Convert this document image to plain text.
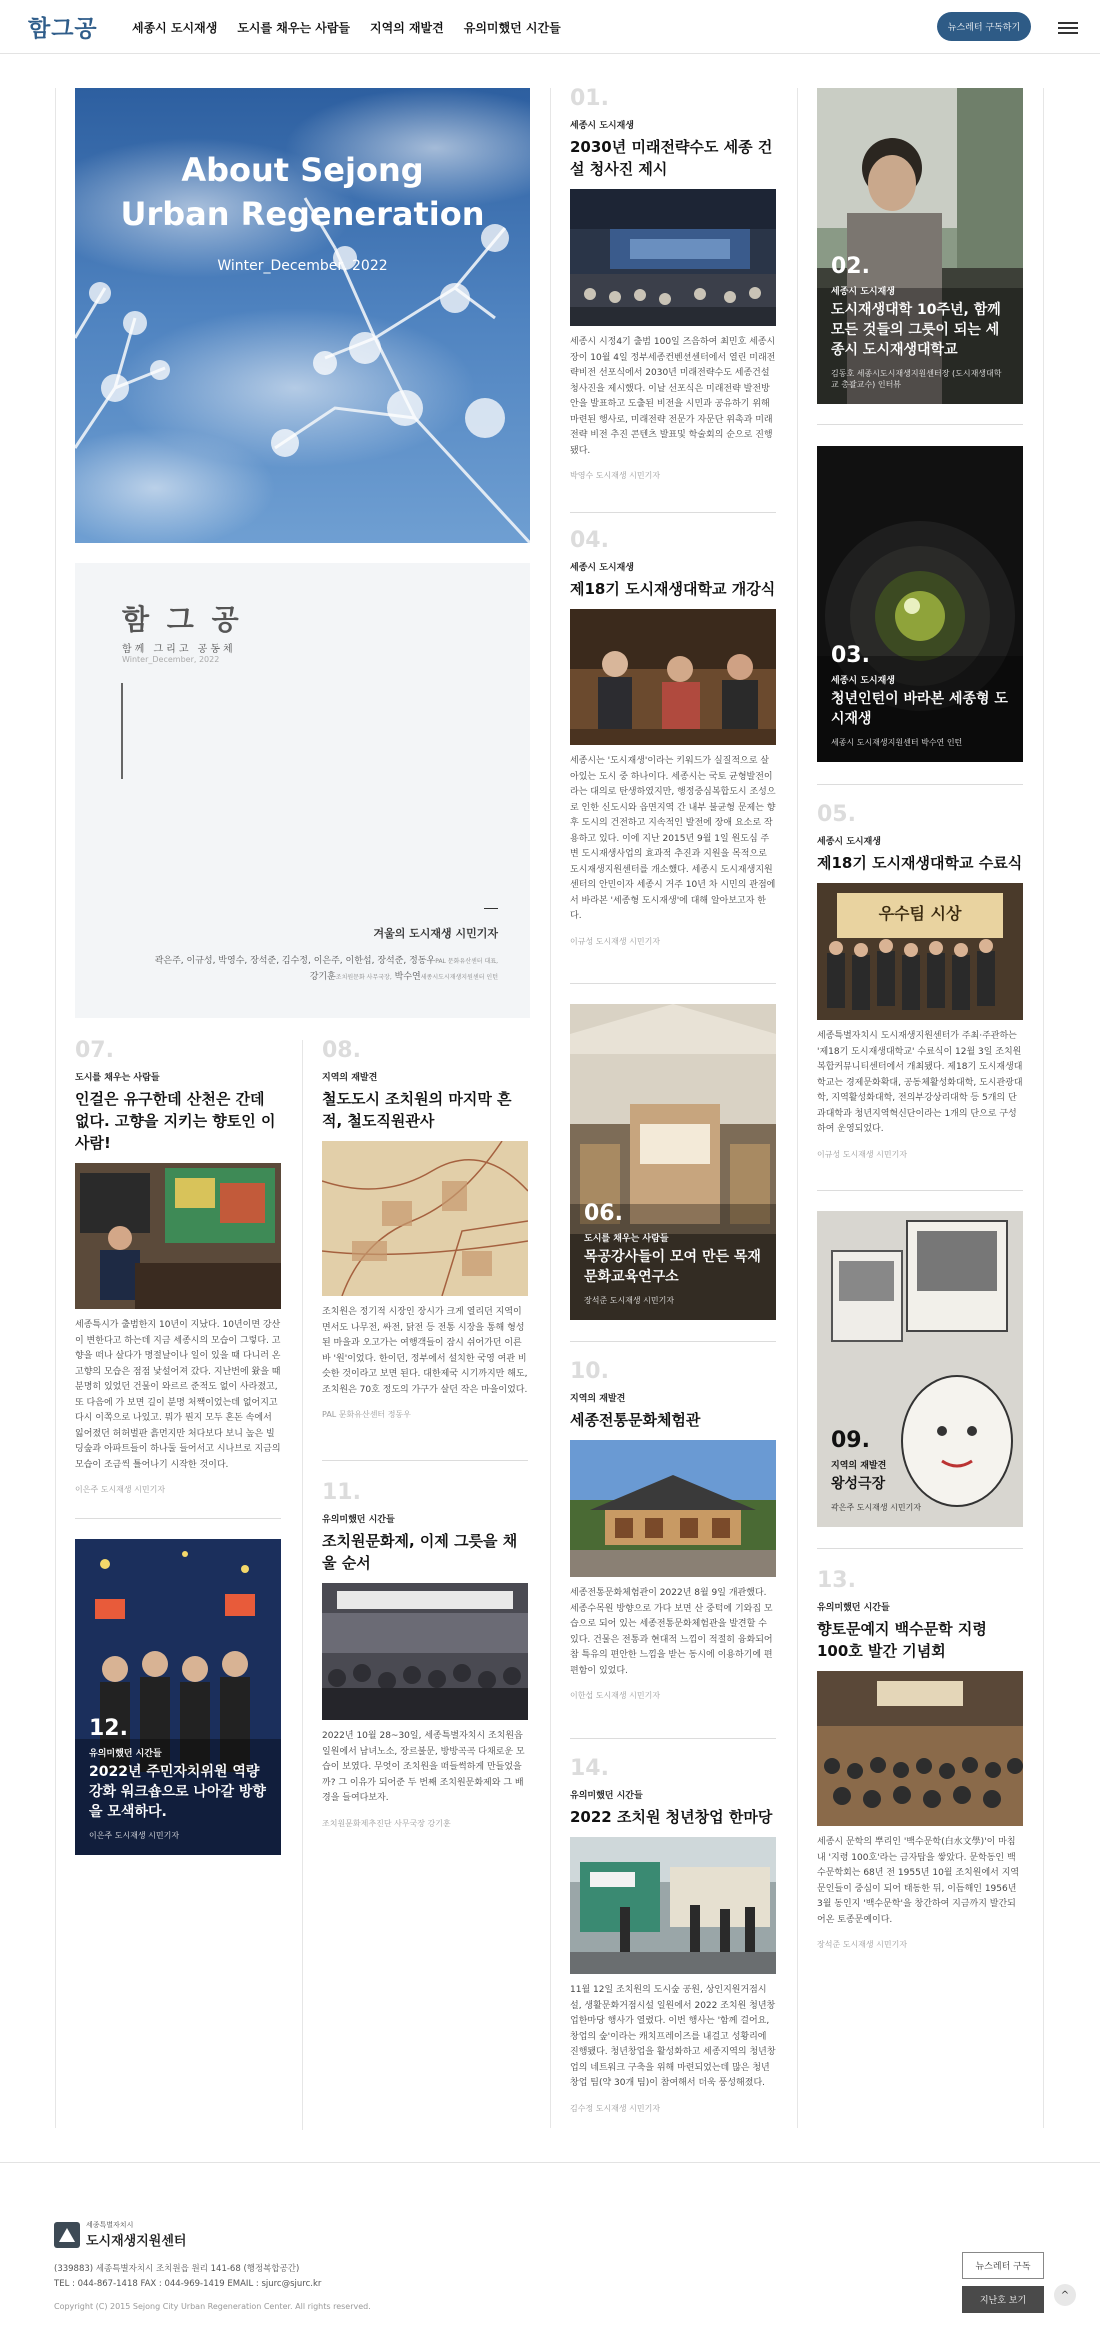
함그공	세종시 도시재생 도시를 채우는 사람들 지역의 재발견 유의미했던 시간들	뉴스레터 구독하기
About Sejong
Urban Regeneration
Winter_December, 2022
함 그 공
함께 그리고 공동체
Winter_December, 2022
겨울의 도시재생 시민기자
곽은주, 이규성, 박영수, 장석준, 김수정, 이은주, 이한섭, 장석준, 정동우PAL 문화유산센터 대표,
강기훈조치원문화 사무국장, 박수연세종시도시재생지원센터 인턴
01.
세종시 도시재생
2030년 미래전략수도 세종 건설 청사진 제시
세종시 시정4기 출범 100일 즈음하여 최민호 세종시장이 10월 4일 정부세종컨벤션센터에서 열린 미래전략비전 선포식에서 2030년 미래전략수도 세종건설 청사진을 제시했다. 이날 선포식은 미래전략 발전방안을 발표하고 도출된 비전을 시민과 공유하기 위해 마련된 행사로, 미래전략 전문가 자문단 위촉과 미래전략 비전 추진 콘텐츠 발표및 학술회의 순으로 진행됐다.
박영수 도시재생 시민기자
02.
세종시 도시재생
도시재생대학 10주년, 함께 모든 것들의 그릇이 되는 세종시 도시재생대학교
김동호 세종시도시재생지원센터장 (도시재생대학교 총괄교수) 인터뷰
03.
세종시 도시재생
청년인턴이 바라본 세종형 도시재생
세종시 도시재생지원센터 박수연 인턴
04.
세종시 도시재생
제18기 도시재생대학교 개강식
세종시는 '도시재생'이라는 키워드가 실질적으로 살아있는 도시 중 하나이다. 세종시는 국토 균형발전이라는 대의로 탄생하였지만, 행정중심복합도시 조성으로 인한 신도시와 읍면지역 간 내부 불균형 문제는 향후 도시의 건전하고 지속적인 발전에 장애 요소로 작용하고 있다. 이에 지난 2015년 9월 1일 원도심 주변 도시재생사업의 효과적 추진과 지원을 목적으로 도시재생지원센터를 개소했다. 세종시 도시재생지원센터의 안민이자 세종시 거주 10년 차 시민의 관점에서 바라본 '세종형 도시재생'에 대해 알아보고자 한다.
이규성 도시재생 시민기자
05.
세종시 도시재생
제18기 도시재생대학교 수료식
우수팀 시상
세종특별자치시 도시재생지원센터가 주최·주관하는 '제18기 도시재생대학교' 수료식이 12월 3일 조치원 복합커뮤니티센터에서 개최됐다. 제18기 도시재생대학교는 경제문화확대, 공동체활성화대학, 도시관광대학, 지역활성화대학, 전의부강상리대학 등 5개의 단과대학과 청년지역혁신단이라는 1개의 단으로 구성하여 운영되었다.
이규성 도시재생 시민기자
06.
도시를 채우는 사람들
목공강사들이 모여 만든 목재문화교육연구소
장석준 도시재생 시민기자
07.
도시를 채우는 사람들
인걸은 유구한데 산천은 간데 없다. 고향을 지키는 향토인 이 사람!
세종특시가 출범한지 10년이 지났다. 10년이면 강산이 변한다고 하는데 지금 세종시의 모습이 그렇다. 고향을 떠나 살다가 명절날이나 일이 있을 때 다니러 온 고향의 모습은 점점 낯설어져 갔다. 지난번에 왔을 때 분명히 있었던 건물이 와르르 준적도 없이 사라졌고, 또 다음에 가 보면 길이 분명 처짹이었는데 없어지고 다시 이쪽으로 나있고. 뭐가 뭔지 모두 혼돈 속에서 잃어졌던 허허벌판 흙먼지만 처다보다 보니 높은 빌딩숲과 아파트들이 하나둘 들어서고 시나브로 지금의 모습이 조금씩 틀어나기 시작한 것이다.
이은주 도시재생 시민기자
08.
지역의 재발견
철도도시 조치원의 마지막 흔적, 철도직원관사
조치원은 정기적 시장인 장시가 크게 열리던 지역이면서도 나무전, 싸전, 닭전 등 전통 시장을 통해 형성된 마을과 오고가는 여행객들이 잠시 쉬어가던 이른바 '원'이었다. 한이던, 정부에서 설치한 국영 여관 비슷한 것이라고 보면 된다. 대한제국 시기까지만 해도, 조치원은 70호 정도의 가구가 살던 작은 마을이었다.
PAL 문화유산센터 정동우
09.
지역의 재발견
왕성극장
곽은주 도시재생 시민기자
10.
지역의 재발견
세종전통문화체험관
세종전통문화체험관이 2022년 8월 9일 개관했다. 세종수목원 방향으로 가다 보면 산 중턱에 기와집 모습으로 되어 있는 세종전통문화체험관을 발견할 수 있다. 건물은 전통과 현대적 느낌이 적절히 융화되어 참 특유의 편안한 느낌을 받는 동시에 이용하기에 편편함이 있었다.
이한섭 도시재생 시민기자
11.
유의미했던 시간들
조치원문화제, 이제 그릇을 채울 순서
2022년 10월 28~30일, 세종특별자치시 조치원읍 일원에서 남녀노소, 장르불문, 방방곡곡 다채로운 모습이 보였다. 무엇이 조치원을 떠들썩하게 만들었을까? 그 이유가 되어준 두 번째 조치원문화제와 그 배경을 들여다보자.
조치원문화제추진단 사무국장 강기훈
12.
유의미했던 시간들
2022년 주민자치위원 역량강화 워크숍으로 나아갈 방향을 모색하다.
이은주 도시재생 시민기자
13.
유의미했던 시간들
향토문예지 백수문학 지령 100호 발간 기념회
세종시 문학의 뿌리인 '백수문학(白水文學)'이 마침내 '지령 100호'라는 금자탑을 쌓았다. 문학동인 백수문학회는 68년 전 1955년 10월 조치원에서 지역 문인들이 중심이 되어 태동한 뒤, 이듬해인 1956년 3월 동인지 '백수문학'을 창간하여 지금까지 발간되어온 토종문예이다.
장석준 도시재생 시민기자
14.
유의미했던 시간들
2022 조치원 청년창업 한마당
11월 12일 조치원의 도시숲 공원, 상인지원거점시설, 생활문화거점시설 일원에서 2022 조치원 청년창업한마당 행사가 열렸다. 이번 행사는 '함께 걸어요, 창업의 숲'이라는 캐치프레이즈를 내걸고 성황리에 진행됐다. 청년창업을 활성화하고 세종지역의 청년창업의 네트워크 구축을 위해 마련되었는데 많은 청년창업 팀(약 30개 팀)이 참여해서 더욱 풍성해졌다.
김수정 도시재생 시민기자
세종특별자치시
도시재생지원센터
(339883) 세종특별자치시 조치원읍 원리 141-68 (행정복합공간)
TEL : 044-867-1418 FAX : 044-969-1419 EMAIL : sjurc@sjurc.kr
Copyright (C) 2015 Sejong City Urban Regeneration Center. All rights reserved.
뉴스레터 구독
지난호 보기
^
